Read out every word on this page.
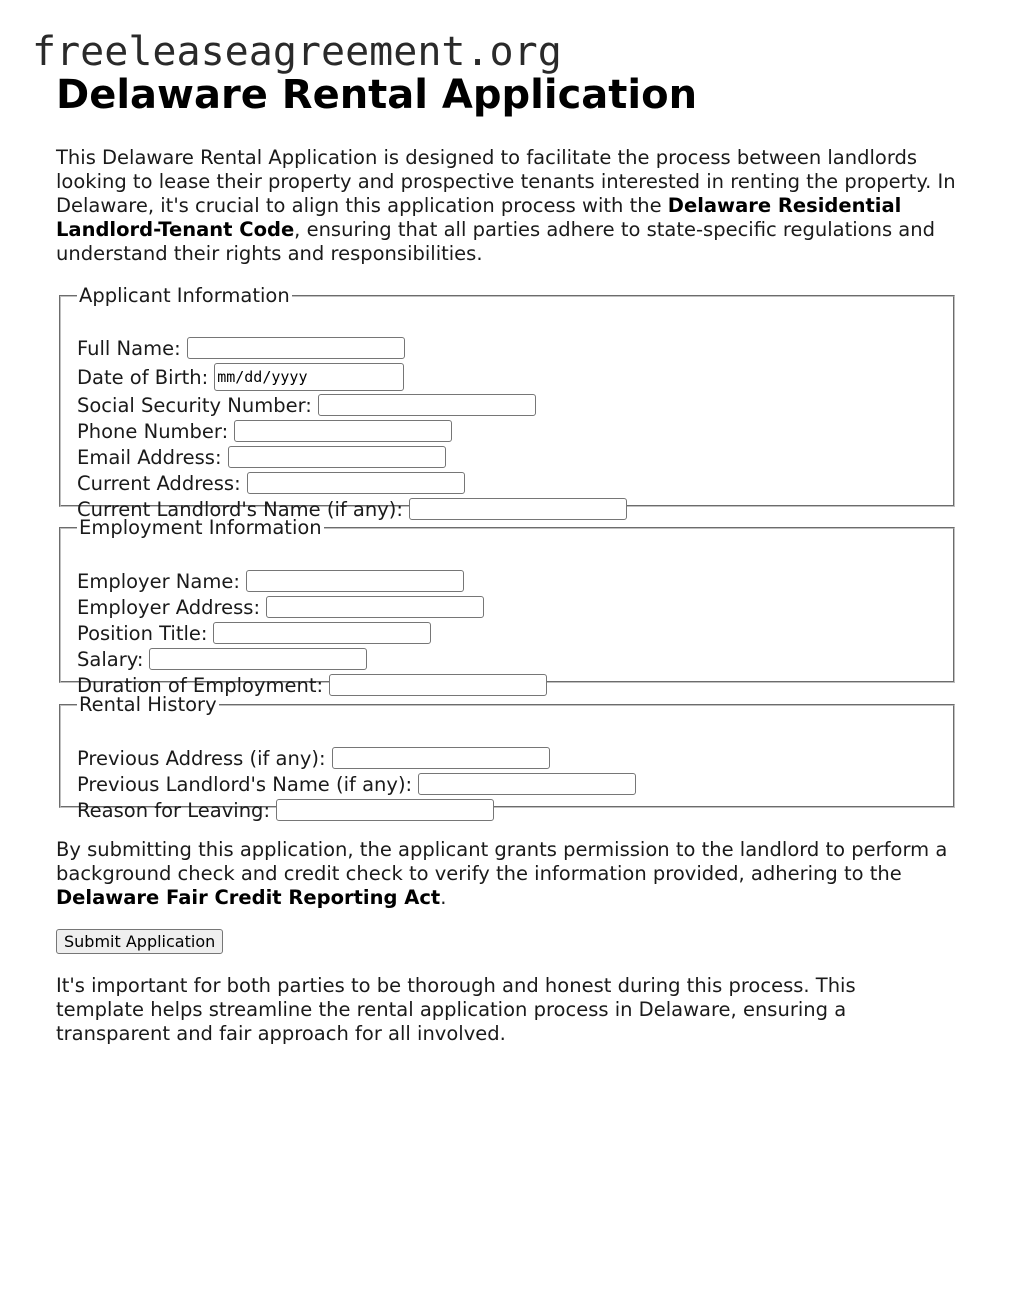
freeleaseagreement.org
Delaware Rental Application

This Delaware Rental Application is designed to facilitate the process between landlords looking to lease their property and prospective tenants interested in renting the property. In Delaware, it's crucial to align this application process with the Delaware Residential Landlord-Tenant Code, ensuring that all parties adhere to state-specific regulations and understand their rights and responsibilities.

Applicant Information
Full Name:
Date of Birth:
mm/dd/yyyy
Social Security Number:
Phone Number:
Email Address:
Current Address:
Current Landlord's Name (if any):
Employment Information
Employer Name:
Employer Address:
Position Title:
Salary:
Duration of Employment:
Rental History
Previous Address (if any):
Previous Landlord's Name (if any):
Reason for Leaving:

By submitting this application, the applicant grants permission to the landlord to perform a background check and credit check to verify the information provided, adhering to the Delaware Fair Credit Reporting Act.

Submit Application

It's important for both parties to be thorough and honest during this process. This template helps streamline the rental application process in Delaware, ensuring a transparent and fair approach for all involved.
